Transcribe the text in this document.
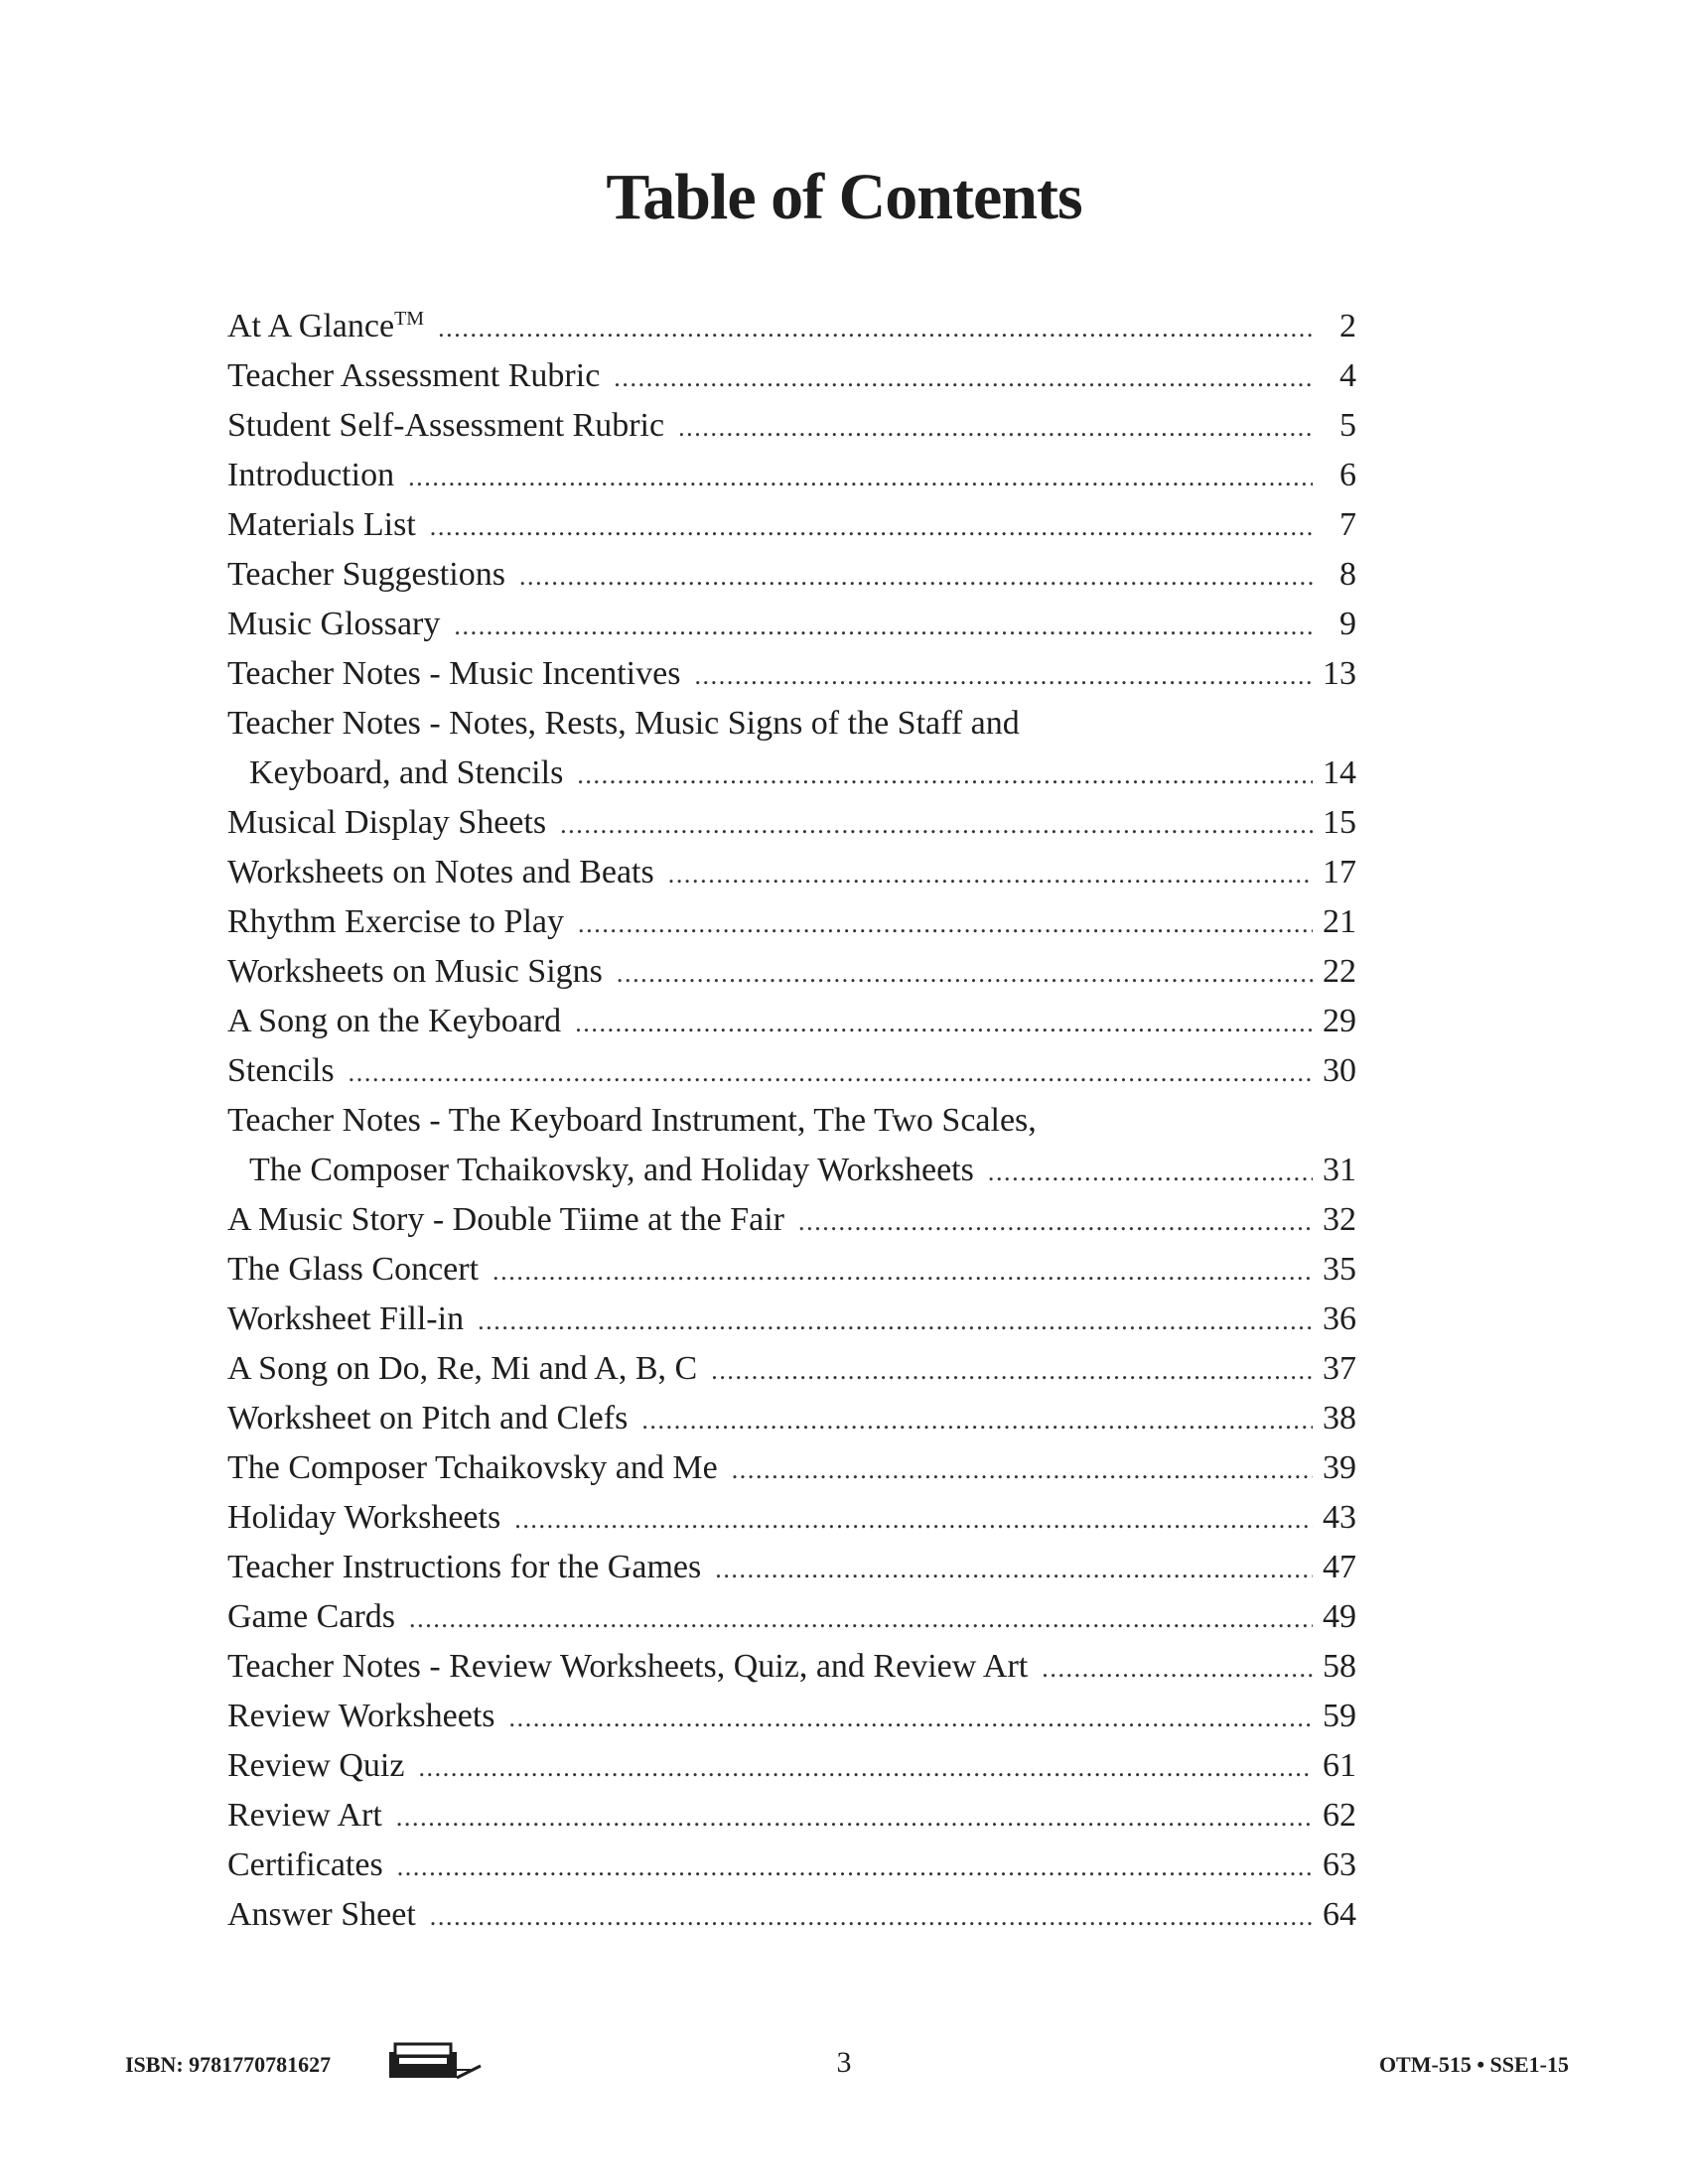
Table of Contents
At A Glance™ .....	2
Teacher Assessment Rubric .....	4
Student Self-Assessment Rubric .....	5
Introduction .....	6
Materials List .....	7
Teacher Suggestions .....	8
Music Glossary .....	9
Teacher Notes - Music Incentives .....	13
Teacher Notes - Notes, Rests, Music Signs of the Staff and
Keyboard, and Stencils .....	14
Musical Display Sheets .....	15
Worksheets on Notes and Beats .....	17
Rhythm Exercise to Play .....	21
Worksheets on Music Signs .....	22
A Song on the Keyboard .....	29
Stencils .....	30
Teacher Notes - The Keyboard Instrument, The Two Scales,
The Composer Tchaikovsky, and Holiday Worksheets .....	31
A Music Story - Double Tiime at the Fair .....	32
The Glass Concert .....	35
Worksheet Fill-in .....	36
A Song on Do, Re, Mi and A, B, C .....	37
Worksheet on Pitch and Clefs .....	38
The Composer Tchaikovsky and Me .....	39
Holiday Worksheets .....	43
Teacher Instructions for the Games .....	47
Game Cards .....	49
Teacher Notes - Review Worksheets, Quiz, and Review Art .....	58
Review Worksheets .....	59
Review Quiz .....	61
Review Art .....	62
Certificates .....	63
Answer Sheet .....	64
ISBN: 9781770781627	3	OTM-515 • SSE1-15
